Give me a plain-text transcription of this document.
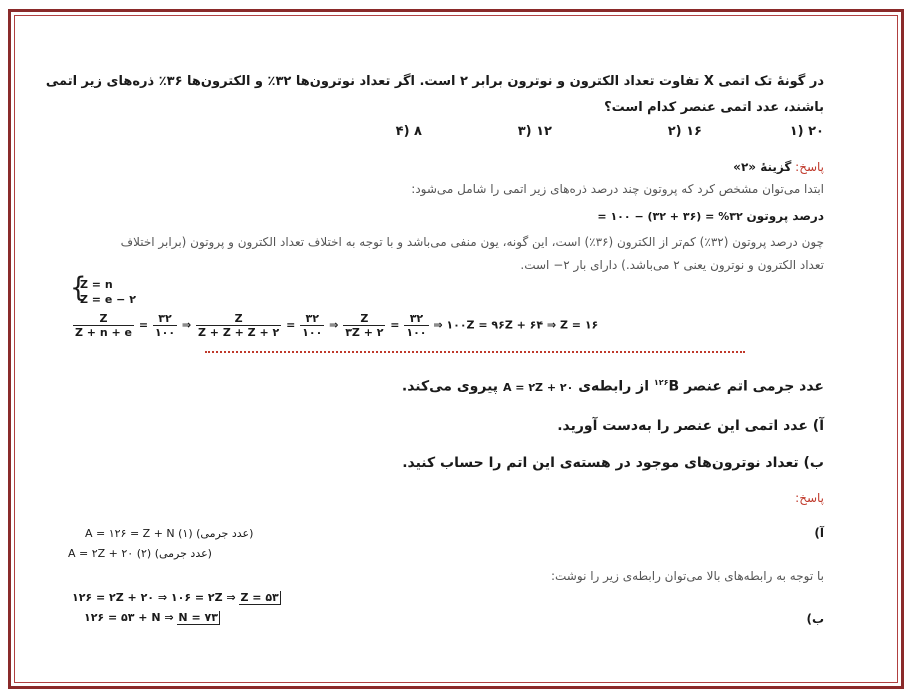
در گونهٔ تک اتمی X تفاوت تعداد الکترون و نوترون برابر ۲ است. اگر تعداد نوترون‌ها ۳۲٪ و الکترون‌ها ۳۶٪ ذره‌های زیر اتمی
باشند، عدد اتمی عنصر کدام است؟
۱) ۲۰
۲) ۱۶
۳) ۱۲
۴) ۸
پاسخ: گزینهٔ «۲»
ابتدا می‌توان مشخص کرد که پروتون چند درصد ذره‌های زیر اتمی را شامل می‌شود:
درصد پروتون ۳۲% = (۳۶ + ۳۲) − ۱۰۰ =
چون درصد پروتون (۳۲٪) کم‌تر از الکترون (۳۶٪) است، این گونه، یون منفی می‌باشد و با توجه به اختلاف تعداد الکترون و پروتون (برابر اختلاف
تعداد الکترون و نوترون یعنی ۲ می‌باشد.) دارای بار ۲− است.
{
Z = n
Z = e − ۲
$\frac{Z}{Z + n + e} = \frac{۳۲}{۱۰۰}$ ⇒ $\frac{Z}{Z + Z + Z + ۲} = \frac{۳۲}{۱۰۰}$ ⇒ $\frac{Z}{۳Z + ۲} = \frac{۳۲}{۱۰۰}$ ⇒ ۱۰۰Z = ۹۶Z + ۶۴ ⇒ Z = ۱۶
عدد جرمی اتم عنصر $^{۱۲۶}$B از رابطه‌ی A = ۲Z + ۲۰ پیروی می‌کند.
آ) عدد اتمی این عنصر را به‌دست آورید.
ب) تعداد نوترون‌های موجود در هسته‌ی این اتم را حساب کنید.
پاسخ:
آ)
(عدد جرمی) A = ۱۲۶ = Z + N (۱)
(عدد جرمی) A = ۲Z + ۲۰ (۲)
با توجه به رابطه‌های بالا می‌توان رابطه‌ی زیر را نوشت:
۱۲۶ = ۲Z + ۲۰ ⇒ ۱۰۶ = ۲Z ⇒ Z = ۵۳
۱۲۶ = ۵۳ + N ⇒ N = ۷۳	ب)
